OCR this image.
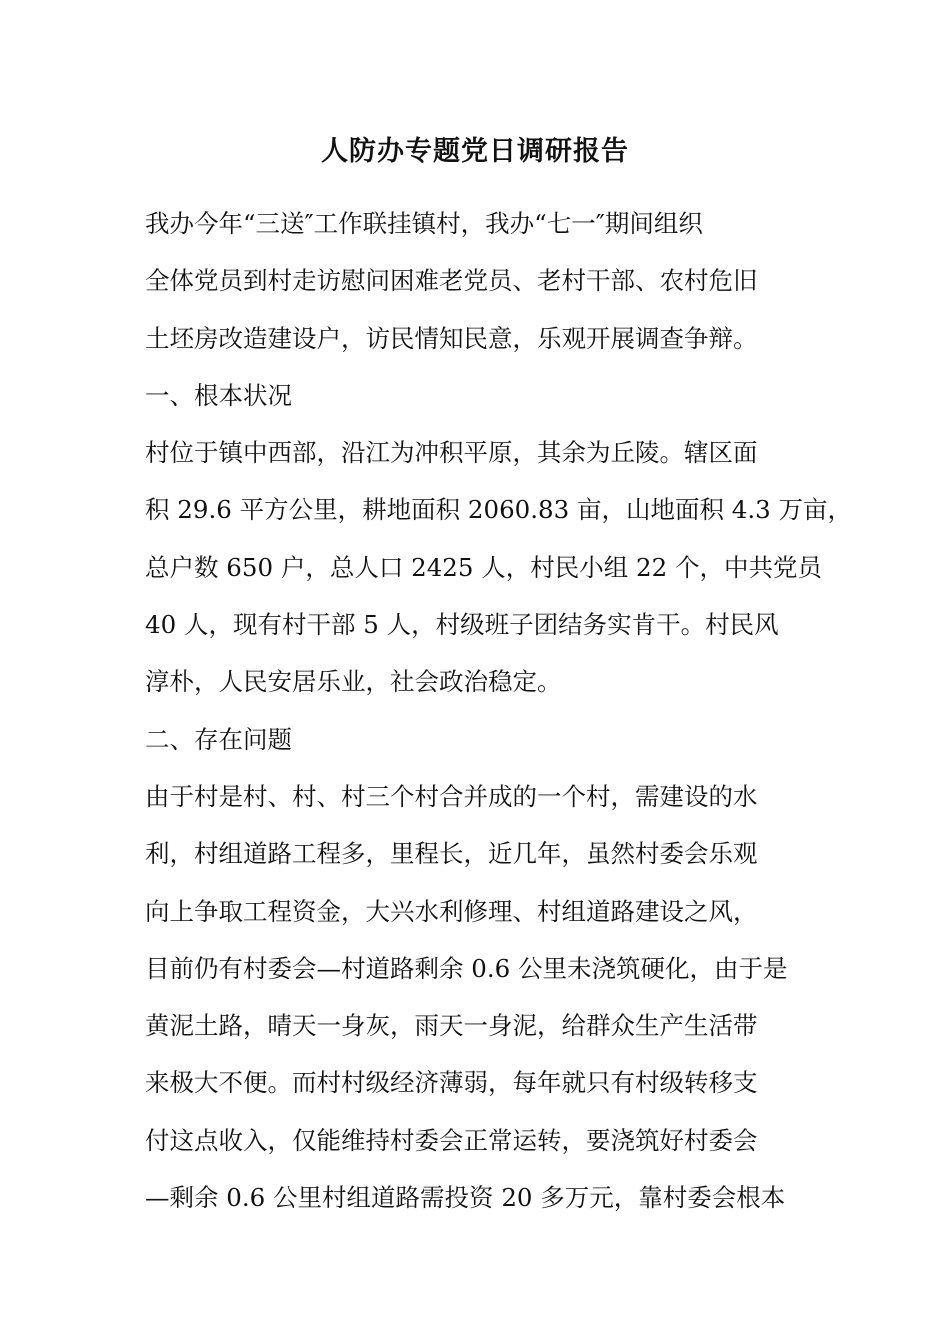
人防办专题党日调研报告
我办今年“三送″工作联挂镇村，我办“七一″期间组织
全体党员到村走访慰问困难老党员、老村干部、农村危旧
土坯房改造建设户，访民情知民意，乐观开展调查争辩。
一、根本状况
村位于镇中西部，沿江为冲积平原，其余为丘陵。辖区面
积 29.6 平方公里，耕地面积 2060.83 亩，山地面积 4.3 万亩，
总户数 650 户，总人口 2425 人，村民小组 22 个，中共党员
40 人，现有村干部 5 人，村级班子团结务实肯干。村民风
淳朴，人民安居乐业，社会政治稳定。
二、存在问题
由于村是村、村、村三个村合并成的一个村，需建设的水
利，村组道路工程多，里程长，近几年，虽然村委会乐观
向上争取工程资金，大兴水利修理、村组道路建设之风，
目前仍有村委会—村道路剩余 0.6 公里未浇筑硬化，由于是
黄泥土路，晴天一身灰，雨天一身泥，给群众生产生活带
来极大不便。而村村级经济薄弱，每年就只有村级转移支
付这点收入，仅能维持村委会正常运转，要浇筑好村委会
—剩余 0.6 公里村组道路需投资 20 多万元，靠村委会根本
